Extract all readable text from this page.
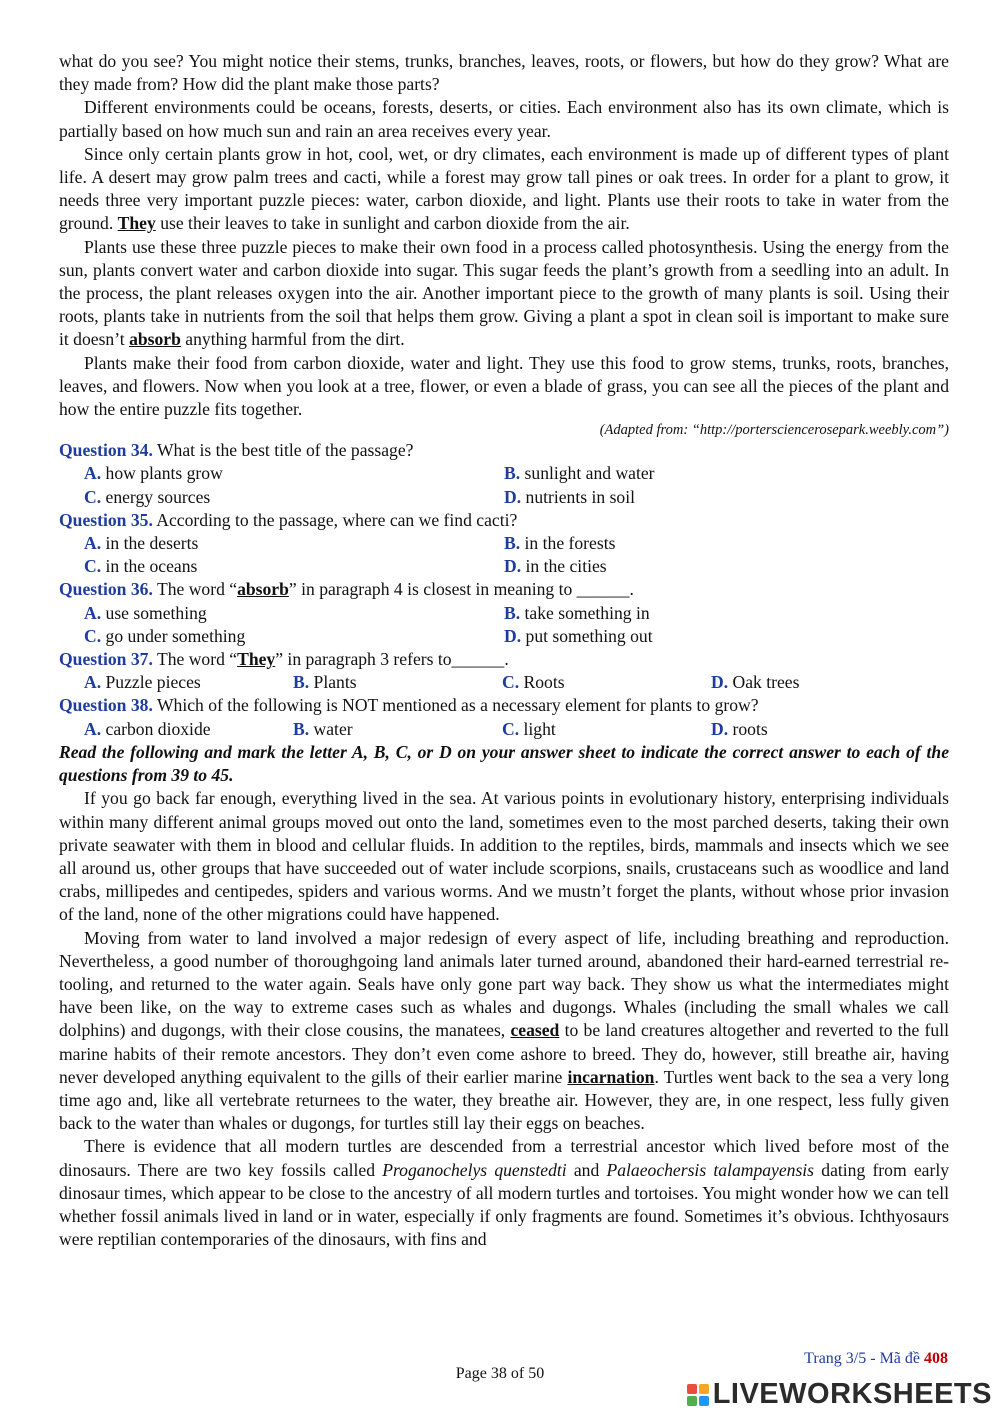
what do you see? You might notice their stems, trunks, branches, leaves, roots, or flowers, but how do they grow? What are they made from? How did the plant make those parts?

Different environments could be oceans, forests, deserts, or cities. Each environment also has its own climate, which is partially based on how much sun and rain an area receives every year.

Since only certain plants grow in hot, cool, wet, or dry climates, each environment is made up of different types of plant life. A desert may grow palm trees and cacti, while a forest may grow tall pines or oak trees. In order for a plant to grow, it needs three very important puzzle pieces: water, carbon dioxide, and light. Plants use their roots to take in water from the ground. They use their leaves to take in sunlight and carbon dioxide from the air.

Plants use these three puzzle pieces to make their own food in a process called photosynthesis. Using the energy from the sun, plants convert water and carbon dioxide into sugar. This sugar feeds the plant’s growth from a seedling into an adult. In the process, the plant releases oxygen into the air. Another important piece to the growth of many plants is soil. Using their roots, plants take in nutrients from the soil that helps them grow. Giving a plant a spot in clean soil is important to make sure it doesn’t absorb anything harmful from the dirt.

Plants make their food from carbon dioxide, water and light. They use this food to grow stems, trunks, roots, branches, leaves, and flowers. Now when you look at a tree, flower, or even a blade of grass, you can see all the pieces of the plant and how the entire puzzle fits together.

(Adapted from: “http://portersciencerosepark.weebly.com”)

Question 34. What is the best title of the passage?

A. how plants grow	B. sunlight and water
C. energy sources	D. nutrients in soil

Question 35. According to the passage, where can we find cacti?

A. in the deserts	B. in the forests
C. in the oceans	D. in the cities

Question 36. The word “absorb” in paragraph 4 is closest in meaning to ______.

A. use something	B. take something in
C. go under something	D. put something out

Question 37. The word “They” in paragraph 3 refers to______.

A. Puzzle pieces	B. Plants	C. Roots	D. Oak trees

Question 38. Which of the following is NOT mentioned as a necessary element for plants to grow?

A. carbon dioxide	B. water	C. light	D. roots

Read the following and mark the letter A, B, C, or D on your answer sheet to indicate the correct answer to each of the questions from 39 to 45.

If you go back far enough, everything lived in the sea. At various points in evolutionary history, enterprising individuals within many different animal groups moved out onto the land, sometimes even to the most parched deserts, taking their own private seawater with them in blood and cellular fluids. In addition to the reptiles, birds, mammals and insects which we see all around us, other groups that have succeeded out of water include scorpions, snails, crustaceans such as woodlice and land crabs, millipedes and centipedes, spiders and various worms. And we mustn’t forget the plants, without whose prior invasion of the land, none of the other migrations could have happened.

Moving from water to land involved a major redesign of every aspect of life, including breathing and reproduction. Nevertheless, a good number of thoroughgoing land animals later turned around, abandoned their hard-earned terrestrial re-tooling, and returned to the water again. Seals have only gone part way back. They show us what the intermediates might have been like, on the way to extreme cases such as whales and dugongs. Whales (including the small whales we call dolphins) and dugongs, with their close cousins, the manatees, ceased to be land creatures altogether and reverted to the full marine habits of their remote ancestors. They don’t even come ashore to breed. They do, however, still breathe air, having never developed anything equivalent to the gills of their earlier marine incarnation. Turtles went back to the sea a very long time ago and, like all vertebrate returnees to the water, they breathe air. However, they are, in one respect, less fully given back to the water than whales or dugongs, for turtles still lay their eggs on beaches.

There is evidence that all modern turtles are descended from a terrestrial ancestor which lived before most of the dinosaurs. There are two key fossils called Proganochelys quenstedti and Palaeochersis talampayensis dating from early dinosaur times, which appear to be close to the ancestry of all modern turtles and tortoises. You might wonder how we can tell whether fossil animals lived in land or in water, especially if only fragments are found. Sometimes it’s obvious. Ichthyosaurs were reptilian contemporaries of the dinosaurs, with fins and

Trang 3/5 - Mã đề 408
Page 38 of 50
LIVEWORKSHEETS
